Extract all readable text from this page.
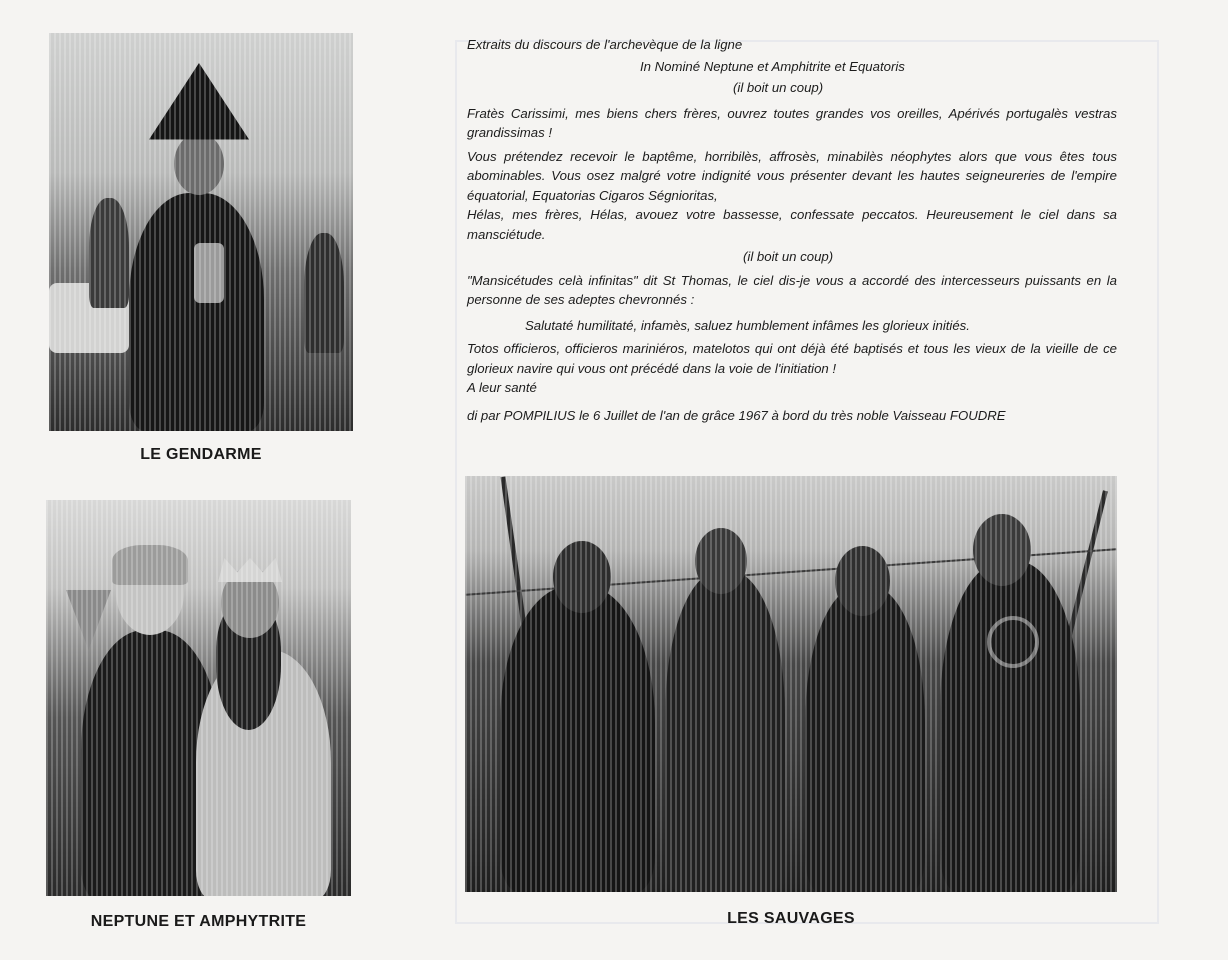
LE GENDARME
NEPTUNE ET AMPHYTRITE	LES SAUVAGES

Extraits du discours de l'archevèque de la ligne

In Nominé Neptune et Amphitrite et Equatoris

(il boit un coup)

Fratès Carissimi, mes biens chers frères, ouvrez toutes grandes vos oreilles, Apérivés portugalès vestras grandissimas !

Vous prétendez recevoir le baptême, horribilès, affrosès, minabilès néophytes alors que vous êtes tous abominables. Vous osez malgré votre indignité vous présenter devant les hautes seigneureries de l'empire équatorial, Equatorias Cigaros Ségnioritas,

Hélas, mes frères, Hélas, avouez votre bassesse, confessate peccatos. Heureusement le ciel dans sa mansciétude.

(il boit un coup)

"Mansicétudes celà infinitas" dit St Thomas, le ciel dis-je vous a accordé des intercesseurs puissants en la personne de ses adeptes chevronnés :

Salutaté humilitaté, infamès, saluez humblement infâmes les glorieux initiés.

Totos officieros, officieros mariniéros, matelotos qui ont déjà été baptisés et tous les vieux de la vieille de ce glorieux navire qui vous ont précédé dans la voie de l'initiation !

A leur santé

di par POMPILIUS le 6 Juillet de l'an de grâce 1967 à bord du très noble Vaisseau FOUDRE
